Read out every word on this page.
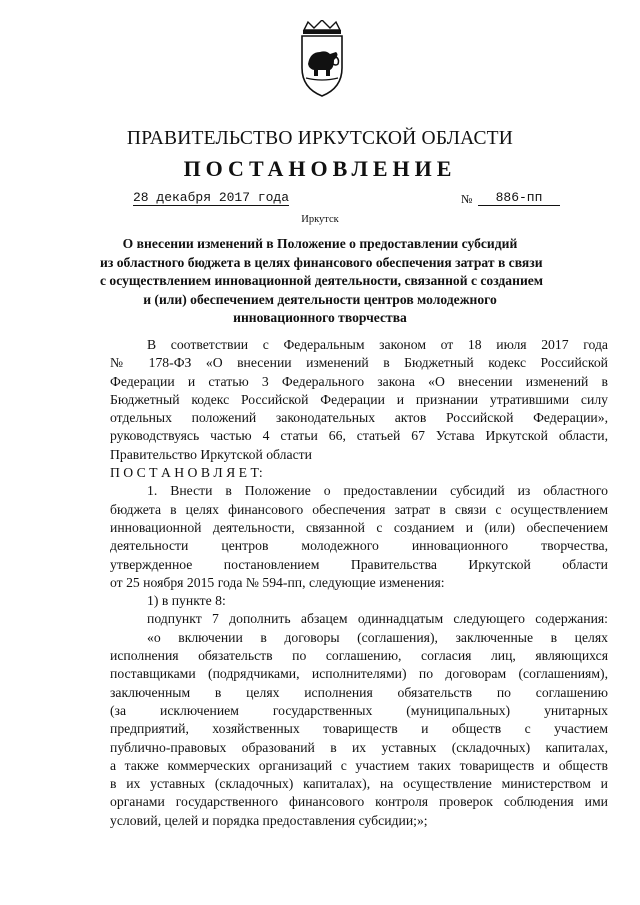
ПРАВИТЕЛЬСТВО ИРКУТСКОЙ ОБЛАСТИ
ПОСТАНОВЛЕНИЕ
28 декабря 2017 года	№	886-пп
Иркутск
О внесении изменений в Положение о предоставлении субсидий
из областного бюджета в целях финансового обеспечения затрат в связи
с осуществлением инновационной деятельности, связанной с созданием
и (или) обеспечением деятельности центров молодежного
инновационного творчества
В соответствии с Федеральным законом от 18 июля 2017 года
№ 178-ФЗ «О внесении изменений в Бюджетный кодекс Российской
Федерации и статью 3 Федерального закона «О внесении изменений в
Бюджетный кодекс Российской Федерации и признании утратившими силу
отдельных положений законодательных актов Российской Федерации»,
руководствуясь частью 4 статьи 66, статьей 67 Устава Иркутской области,
Правительство Иркутской области
П О С Т А Н О В Л Я Е Т:
1. Внести в Положение о предоставлении субсидий из областного
бюджета в целях финансового обеспечения затрат в связи с осуществлением
инновационной деятельности, связанной с созданием и (или) обеспечением
деятельности центров молодежного инновационного творчества,
утвержденное постановлением Правительства Иркутской области
от 25 ноября 2015 года № 594-пп, следующие изменения:
1) в пункте 8:
подпункт 7 дополнить абзацем одиннадцатым следующего содержания:
«о включении в договоры (соглашения), заключенные в целях
исполнения обязательств по соглашению, согласия лиц, являющихся
поставщиками (подрядчиками, исполнителями) по договорам (соглашениям),
заключенным в целях исполнения обязательств по соглашению
(за исключением государственных (муниципальных) унитарных
предприятий, хозяйственных товариществ и обществ с участием
публично-правовых образований в их уставных (складочных) капиталах,
а также коммерческих организаций с участием таких товариществ и обществ
в их уставных (складочных) капиталах), на осуществление министерством и
органами государственного финансового контроля проверок соблюдения ими
условий, целей и порядка предоставления субсидии;»;
